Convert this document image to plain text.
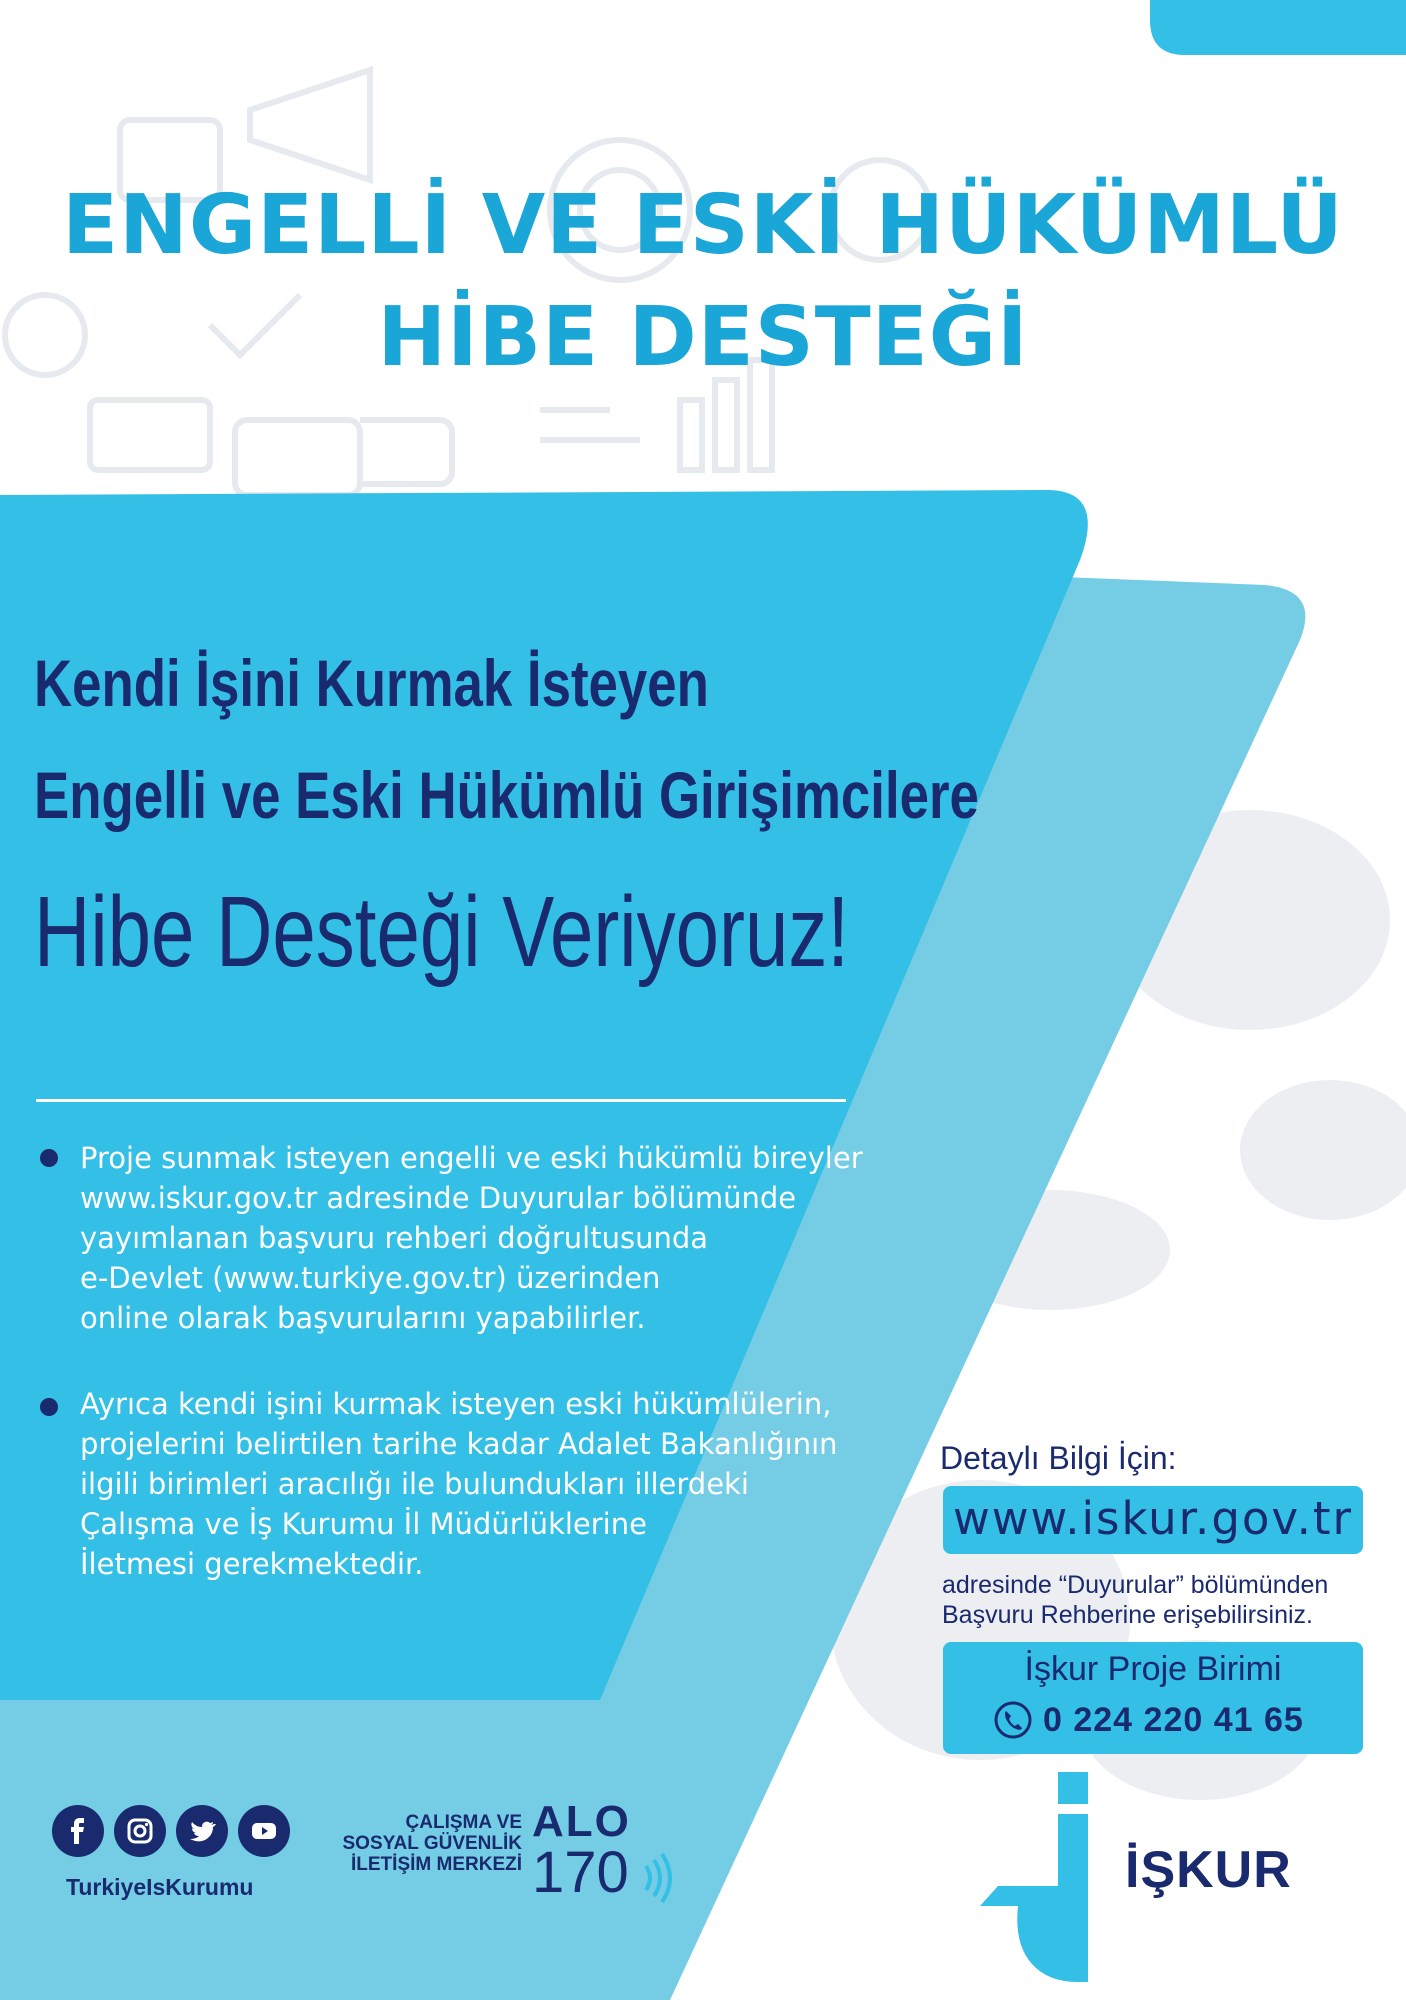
ENGELLİ VE ESKİ HÜKÜMLÜ
HİBE DESTEĞİ
Kendi İşini Kurmak İsteyen
Engelli ve Eski Hükümlü Girişimcilere
Hibe Desteği Veriyoruz!
Proje sunmak isteyen engelli ve eski hükümlü bireyler
www.iskur.gov.tr adresinde Duyurular bölümünde
yayımlanan başvuru rehberi doğrultusunda
e-Devlet (www.turkiye.gov.tr) üzerinden
online olarak başvurularını yapabilirler.
Ayrıca kendi işini kurmak isteyen eski hükümlülerin,
projelerini belirtilen tarihe kadar Adalet Bakanlığının
ilgili birimleri aracılığı ile bulundukları illerdeki
Çalışma ve İş Kurumu İl Müdürlüklerine
İletmesi gerekmektedir.
Detaylı Bilgi İçin:
www.iskur.gov.tr
adresinde “Duyurular” bölümünden
Başvuru Rehberine erişebilirsiniz.
İşkur Proje Birimi
0 224 220 41 65
TurkiyeIsKurumu
ÇALIŞMA VE
SOSYAL GÜVENLİK
İLETİŞİM MERKEZİ
ALO
170	İŞKUR
